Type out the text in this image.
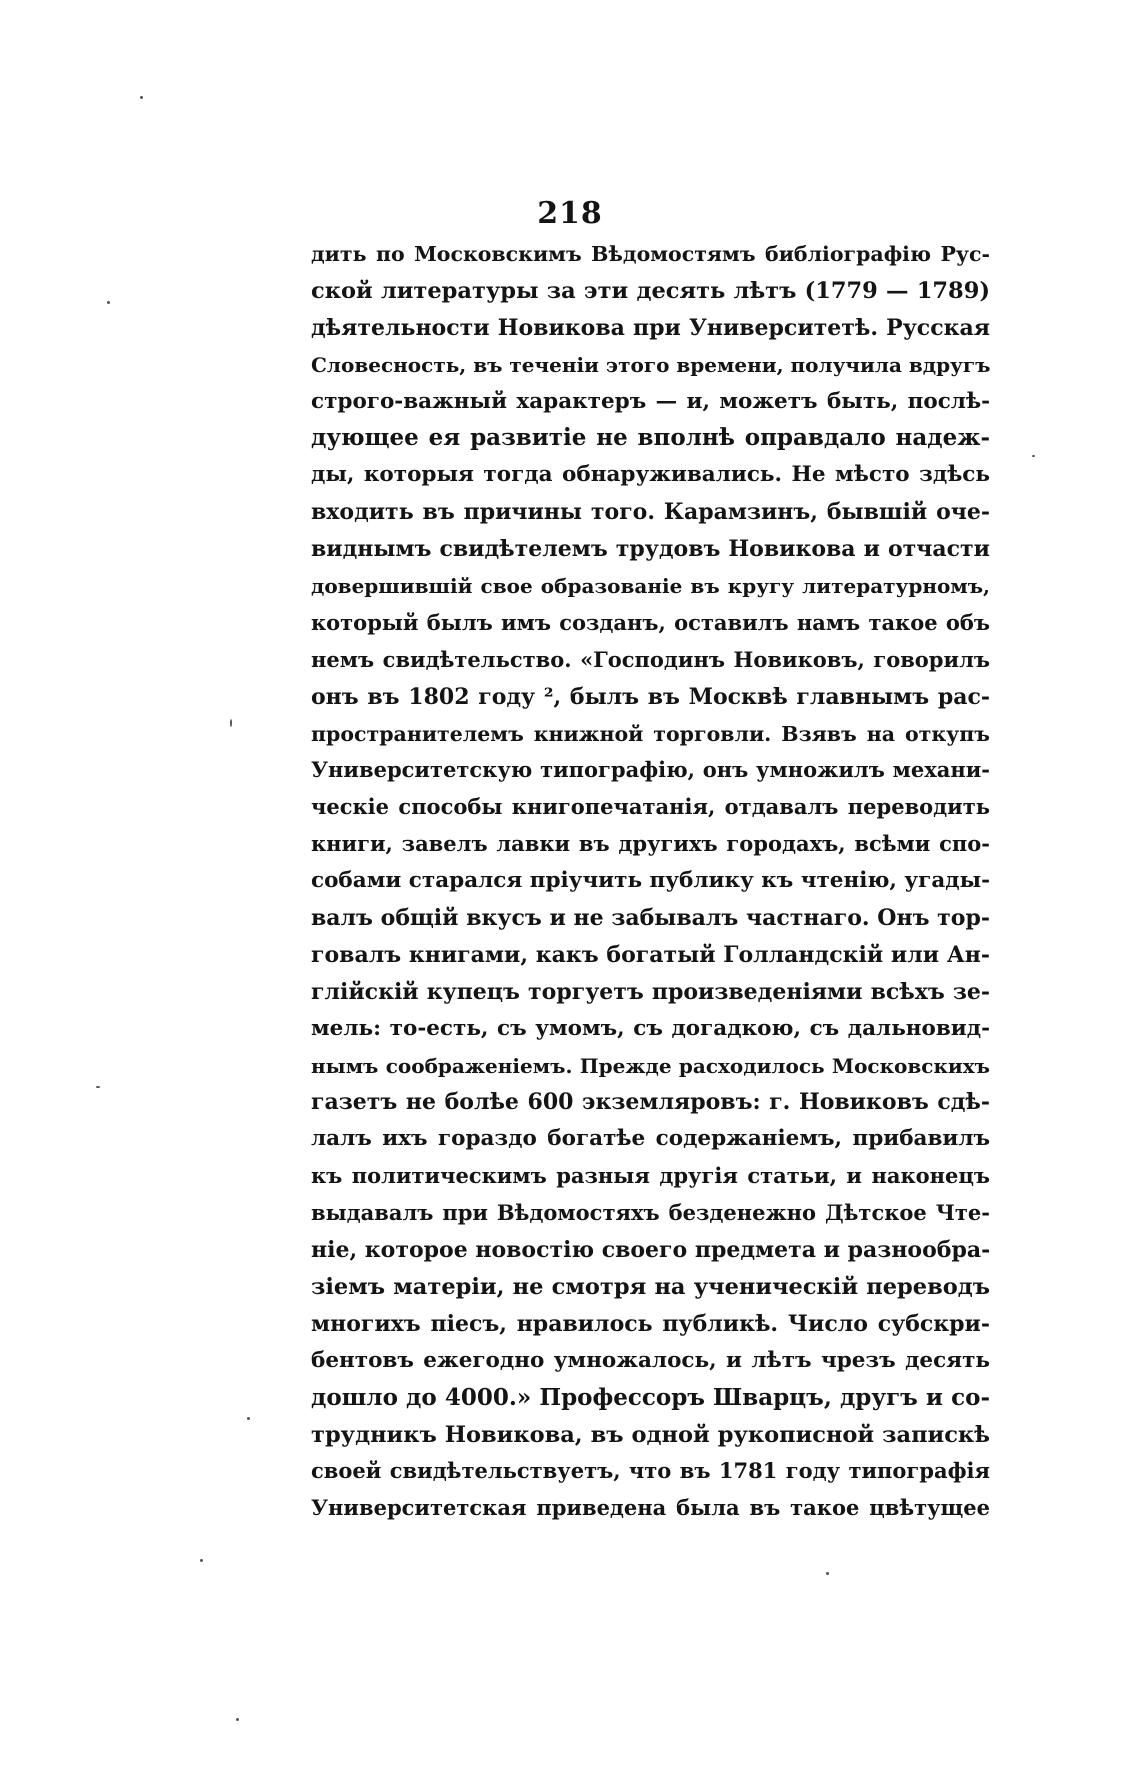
218
дить по Московскимъ Вѣдомостямъ библiографiю Рус-
ской литературы за эти десять лѣтъ (1779 — 1789)
дѣятельности Новикова при Университетѣ. Русская
Словесность, въ теченiи этого времени, получила вдругъ
строго-важный характеръ — и, можетъ быть, послѣ-
дующее ея развитiе не вполнѣ оправдало надеж-
ды, которыя тогда обнаруживались. Не мѣсто здѣсь
входить въ причины того. Карамзинъ, бывшiй оче-
виднымъ свидѣтелемъ трудовъ Новикова и отчасти
довершившiй свое образованiе въ кругу литературномъ,
который былъ имъ созданъ, оставилъ намъ такое объ
немъ свидѣтельство. «Господинъ Новиковъ, говорилъ
онъ въ 1802 году ², былъ въ Москвѣ главнымъ рас-
пространителемъ книжной торговли. Взявъ на откупъ
Университетскую типографiю, онъ умножилъ механи-
ческiе способы книгопечатанiя, отдавалъ переводить
книги, завелъ лавки въ другихъ городахъ, всѣми спо-
собами старался прiучить публику къ чтенiю, угады-
валъ общiй вкусъ и не забывалъ частнаго. Онъ тор-
говалъ книгами, какъ богатый Голландскiй или Ан-
глiйскiй купецъ торгуетъ произведенiями всѣхъ зе-
мель: то-есть, съ умомъ, съ догадкою, съ дальновид-
нымъ соображенiемъ. Прежде расходилось Московскихъ
газетъ не болѣе 600 экземляровъ: г. Новиковъ сдѣ-
лалъ ихъ гораздо богатѣе содержанiемъ, прибавилъ
къ политическимъ разныя другiя статьи, и наконецъ
выдавалъ при Вѣдомостяхъ безденежно Дѣтское Чте-
нiе, которое новостiю своего предмета и разнообра-
зiемъ матерiи, не смотря на ученическiй переводъ
многихъ пiесъ, нравилось публикѣ. Число субскри-
бентовъ ежегодно умножалось, и лѣтъ чрезъ десять
дошло до 4000.» Профессоръ Шварцъ, другъ и со-
трудникъ Новикова, въ одной рукописной запискѣ
своей свидѣтельствуетъ, что въ 1781 году типографiя
Университетская приведена была въ такое цвѣтущее
